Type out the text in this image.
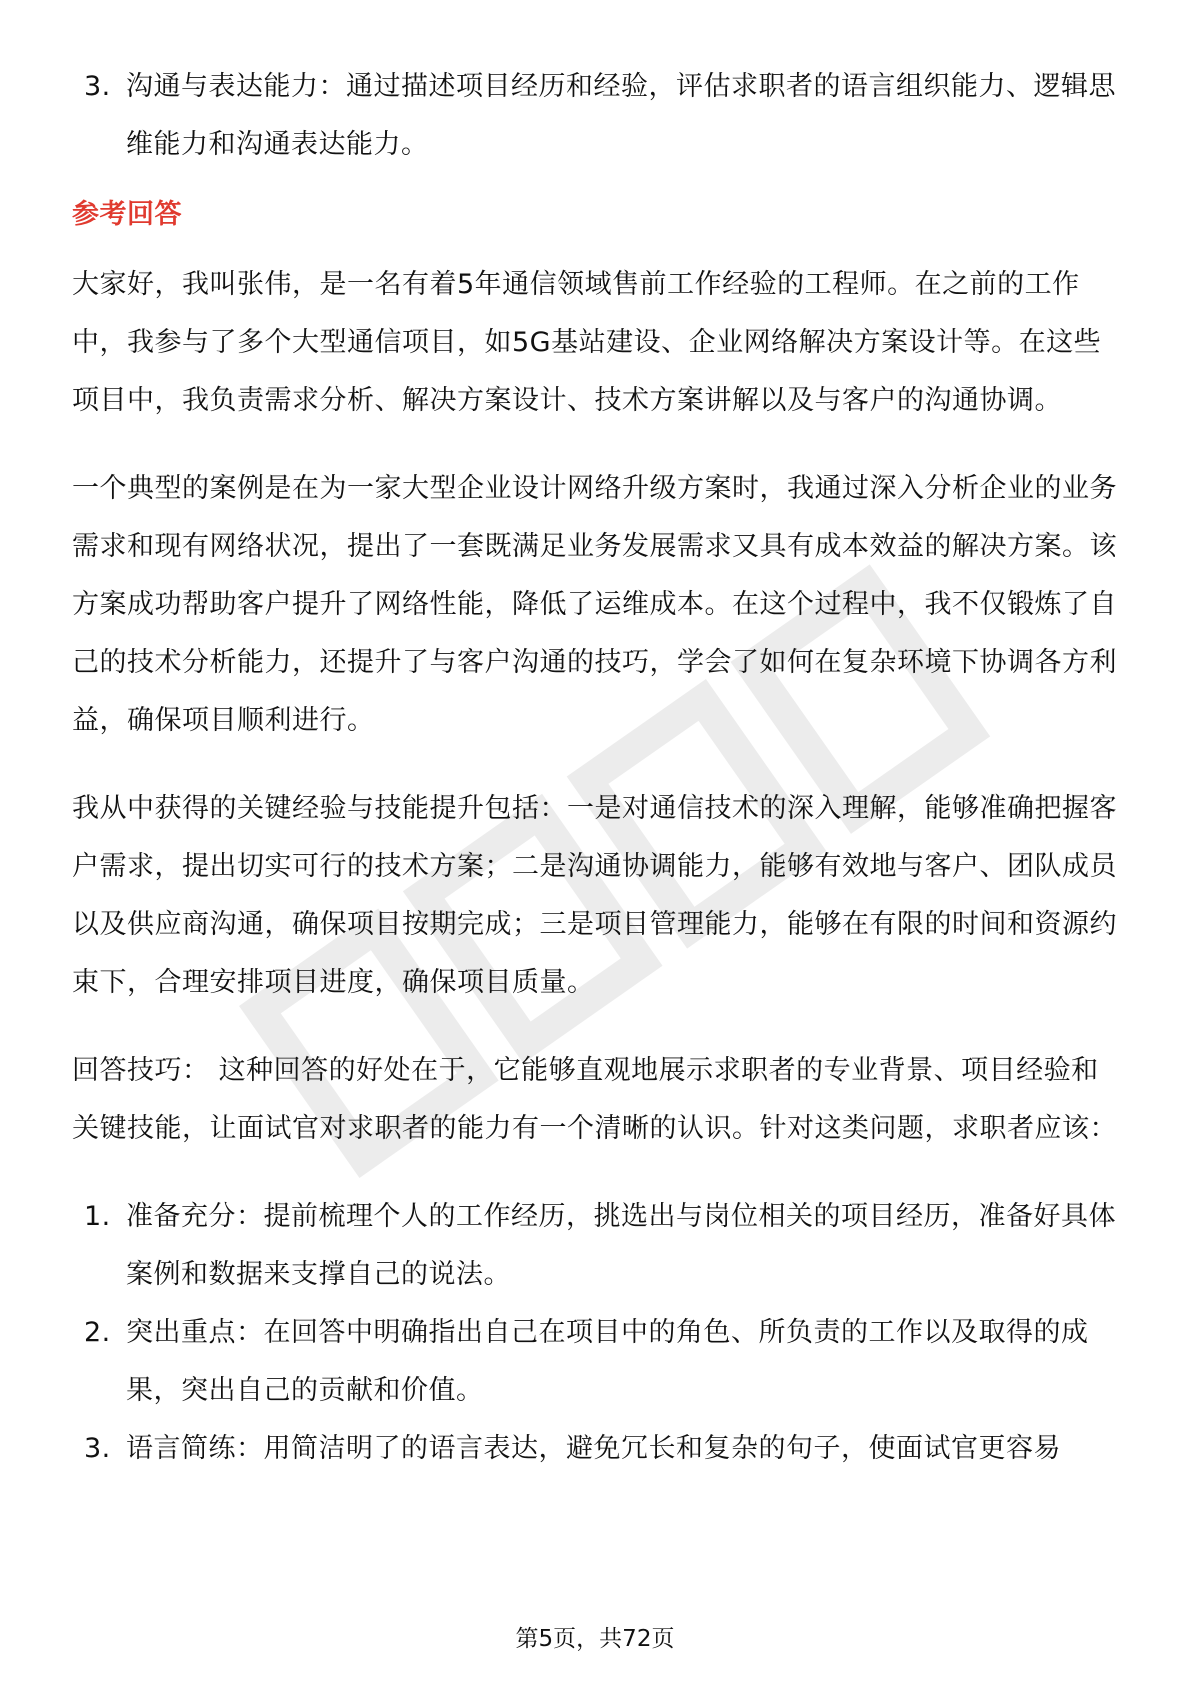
3. 沟通与表达能力：通过描述项目经历和经验，评估求职者的语言组织能力、逻辑思维能力和沟通表达能力。
参考回答

大家好，我叫张伟，是一名有着5年通信领域售前工作经验的工程师。在之前的工作中，我参与了多个大型通信项目，如5G基站建设、企业网络解决方案设计等。在这些项目中，我负责需求分析、解决方案设计、技术方案讲解以及与客户的沟通协调。

一个典型的案例是在为一家大型企业设计网络升级方案时，我通过深入分析企业的业务需求和现有网络状况，提出了一套既满足业务发展需求又具有成本效益的解决方案。该方案成功帮助客户提升了网络性能，降低了运维成本。在这个过程中，我不仅锻炼了自己的技术分析能力，还提升了与客户沟通的技巧，学会了如何在复杂环境下协调各方利益，确保项目顺利进行。

我从中获得的关键经验与技能提升包括：一是对通信技术的深入理解，能够准确把握客户需求，提出切实可行的技术方案；二是沟通协调能力，能够有效地与客户、团队成员以及供应商沟通，确保项目按期完成；三是项目管理能力，能够在有限的时间和资源约束下，合理安排项目进度，确保项目质量。

回答技巧： 这种回答的好处在于，它能够直观地展示求职者的专业背景、项目经验和关键技能，让面试官对求职者的能力有一个清晰的认识。针对这类问题，求职者应该：

1. 准备充分：提前梳理个人的工作经历，挑选出与岗位相关的项目经历，准备好具体案例和数据来支撑自己的说法。
2. 突出重点：在回答中明确指出自己在项目中的角色、所负责的工作以及取得的成果，突出自己的贡献和价值。
3. 语言简练：用简洁明了的语言表达，避免冗长和复杂的句子，使面试官更容易
第5页，共72页
